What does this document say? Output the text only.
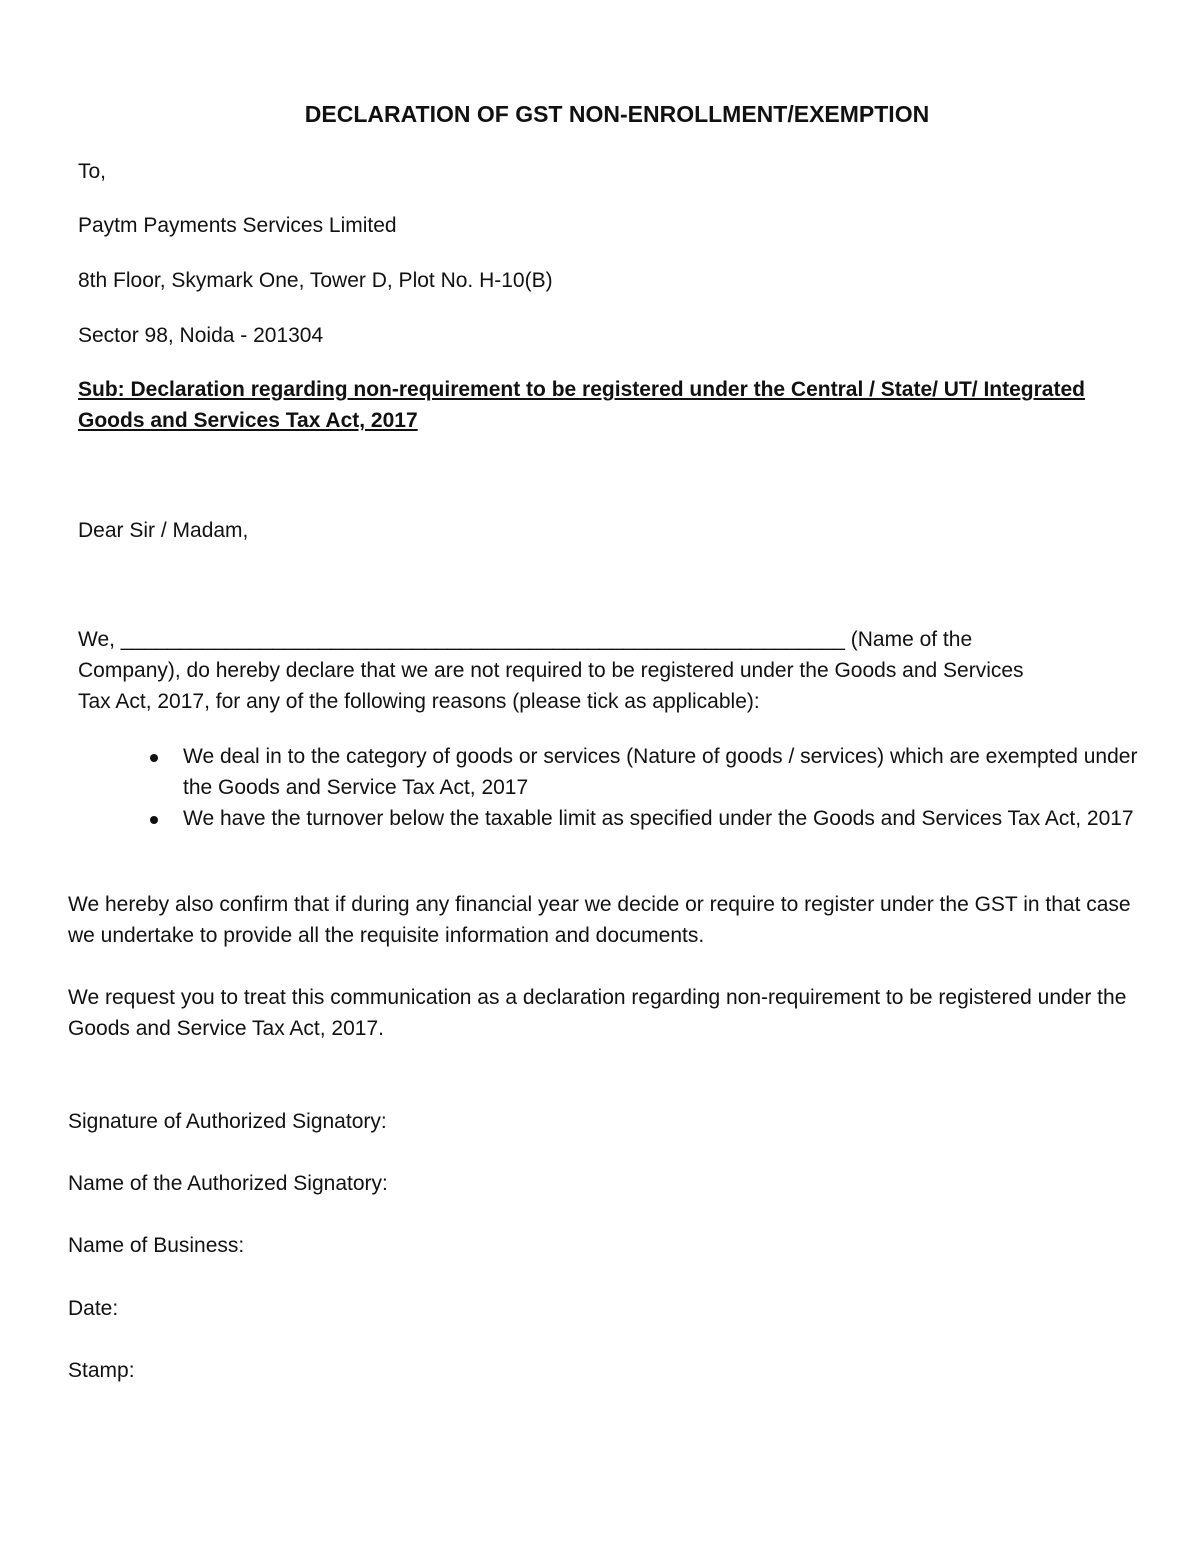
DECLARATION OF GST NON-ENROLLMENT/EXEMPTION

To,

Paytm Payments Services Limited

8th Floor, Skymark One, Tower D, Plot No. H-10(B)

Sector 98, Noida - 201304

Sub: Declaration regarding non-requirement to be registered under the Central / State/ UT/ Integrated Goods and Services Tax Act, 2017

Dear Sir / Madam,

We, ______________________________________________________________ (Name of the

Company), do hereby declare that we are not required to be registered under the Goods and Services

Tax Act, 2017, for any of the following reasons (please tick as applicable):

We deal in to the category of goods or services (Nature of goods / services) which are exempted under the Goods and Service Tax Act, 2017
We have the turnover below the taxable limit as specified under the Goods and Services Tax Act, 2017

We hereby also confirm that if during any financial year we decide or require to register under the GST in that case we undertake to provide all the requisite information and documents.

We request you to treat this communication as a declaration regarding non-requirement to be registered under the Goods and Service Tax Act, 2017.

Signature of Authorized Signatory:

Name of the Authorized Signatory:

Name of Business:

Date:

Stamp:
